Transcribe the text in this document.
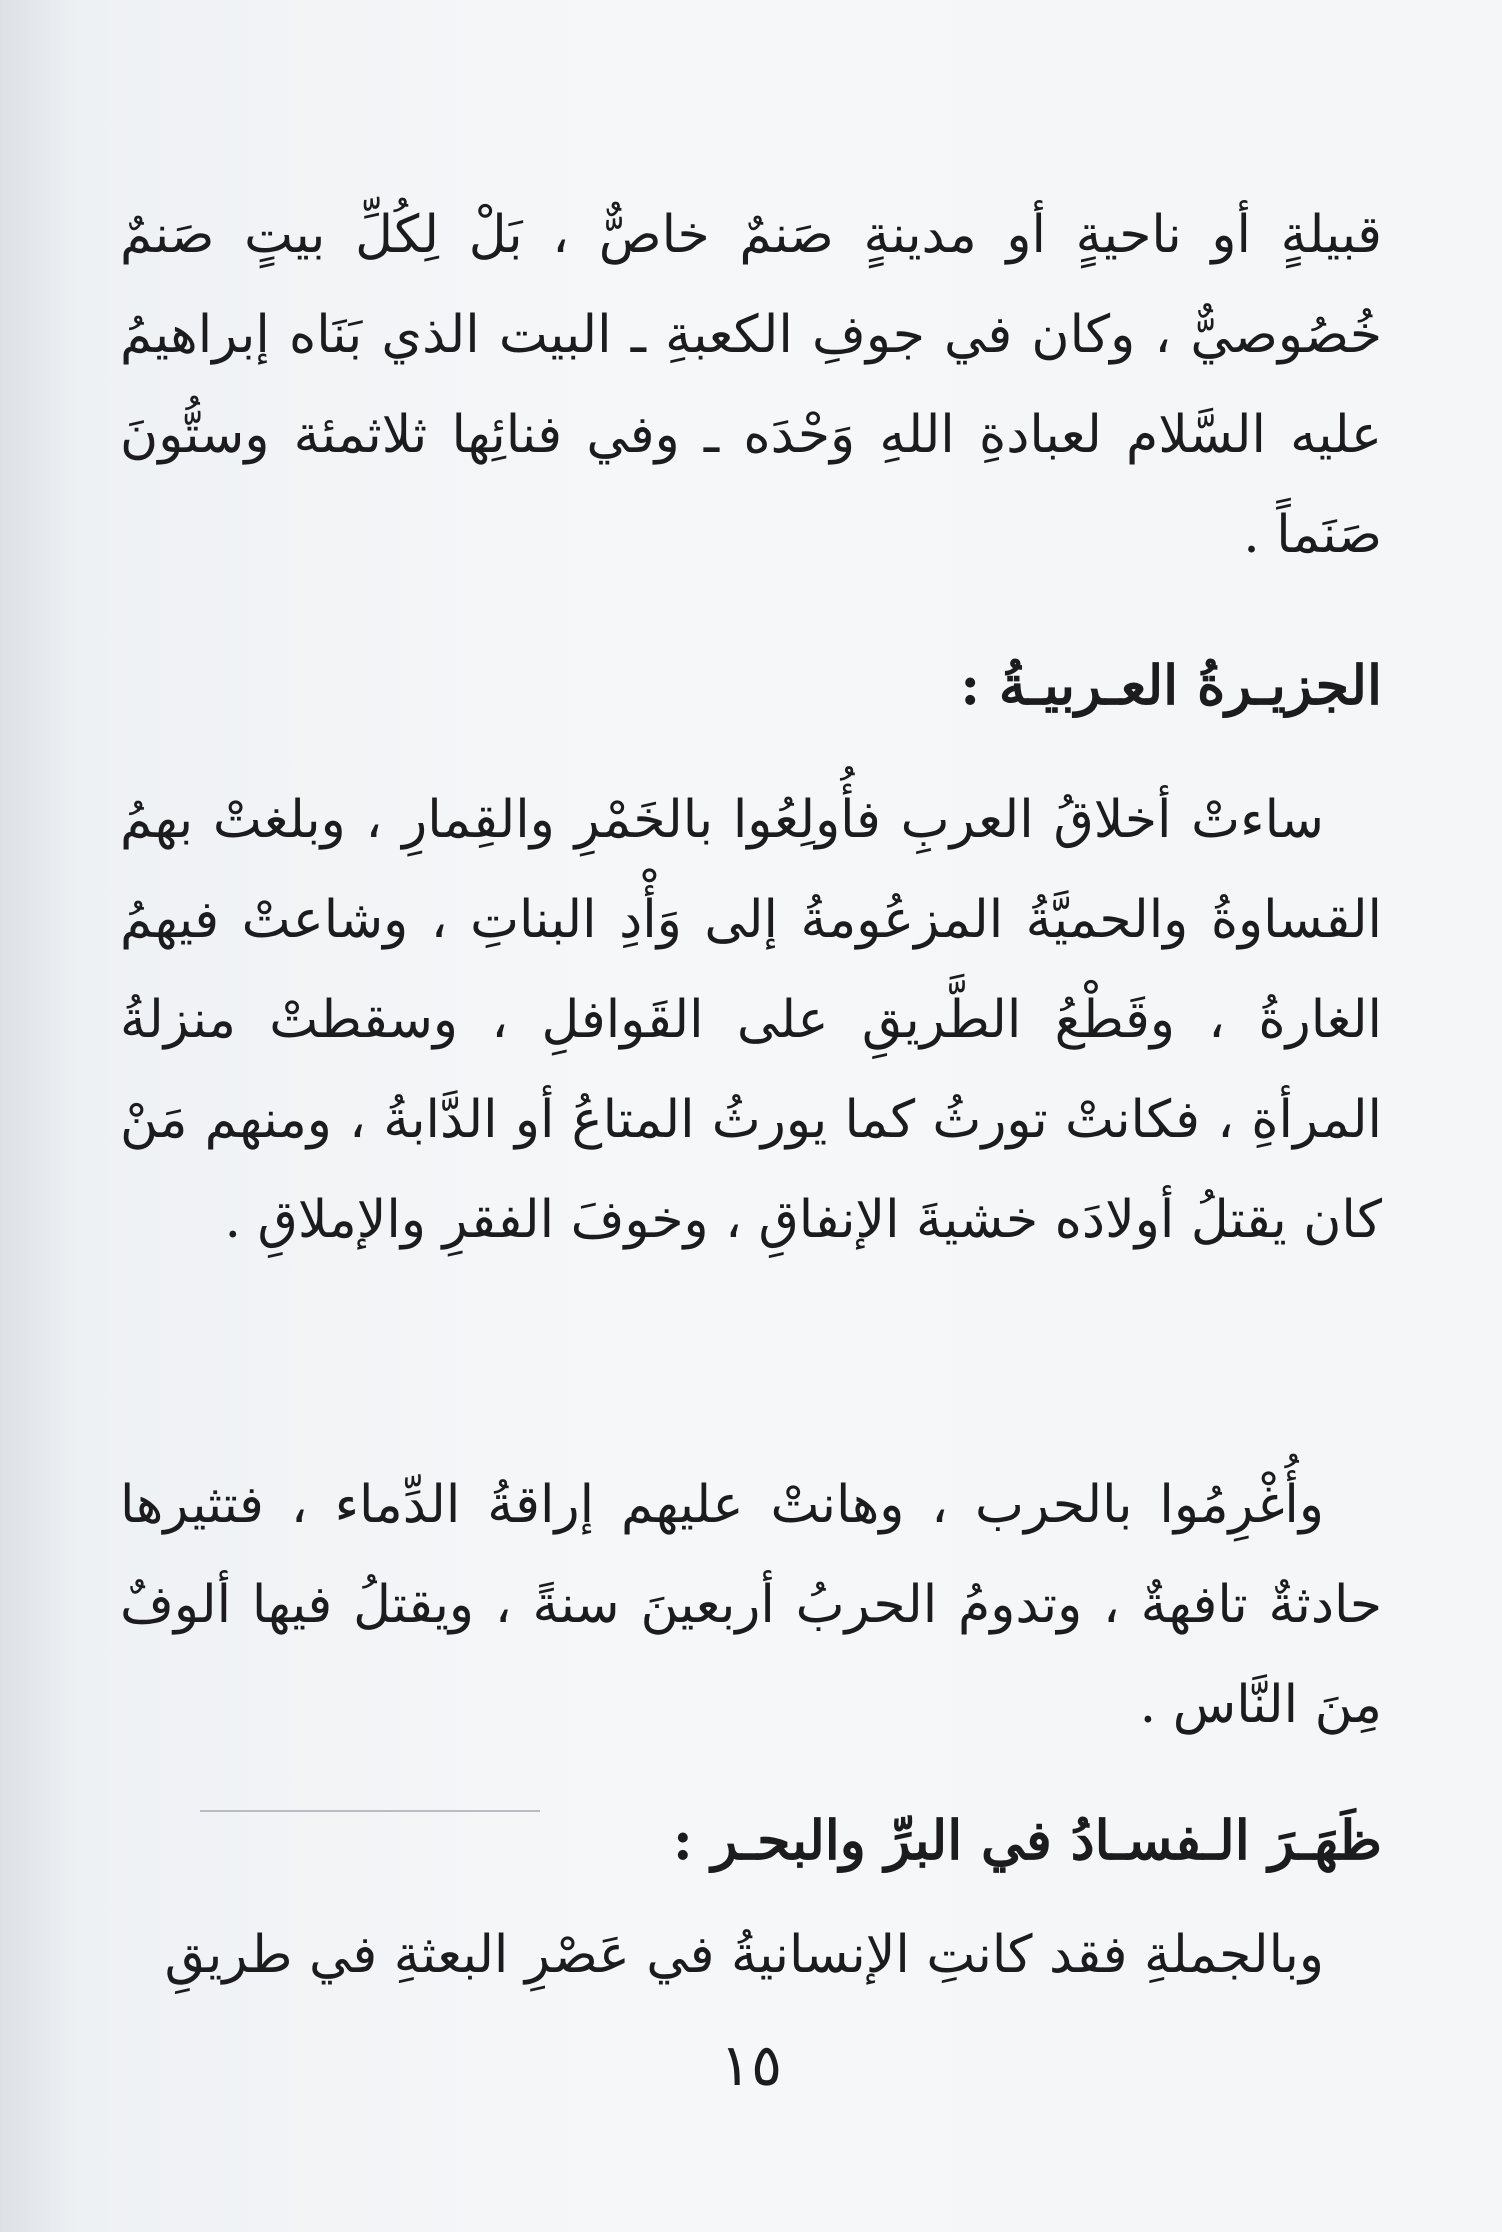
قبيلةٍ أو ناحيةٍ أو مدينةٍ صَنمٌ خاصٌّ ، بَلْ لِكُلِّ بيتٍ صَنمٌ خُصُوصيٌّ ، وكان في جوفِ الكعبةِ ـ البيت الذي بَنَاه إبراهيمُ عليه السَّلام لعبادةِ اللهِ وَحْدَه ـ وفي فنائِها ثلاثمئة وستُّونَ صَنَماً .

الجزيـرةُ العـربيـةُ :

ساءتْ أخلاقُ العربِ فأُولِعُوا بالخَمْرِ والقِمارِ ، وبلغتْ بهمُ القساوةُ والحميَّةُ المزعُومةُ إلى وَأْدِ البناتِ ، وشاعتْ فيهمُ الغارةُ ، وقَطْعُ الطَّريقِ على القَوافلِ ، وسقطتْ منزلةُ المرأةِ ، فكانتْ تورثُ كما يورثُ المتاعُ أو الدَّابةُ ، ومنهم مَنْ كان يقتلُ أولادَه خشيةَ الإنفاقِ ، وخوفَ الفقرِ والإملاقِ .

وأُغْرِمُوا بالحرب ، وهانتْ عليهم إراقةُ الدِّماء ، فتثيرها حادثةٌ تافهةٌ ، وتدومُ الحربُ أربعينَ سنةً ، ويقتلُ فيها ألوفٌ مِنَ النَّاس .

ظَهَـرَ الـفسـادُ في البرِّ والبحـر :

وبالجملةِ فقد كانتِ الإنسانيةُ في عَصْرِ البعثةِ في طريقِ

١٥
